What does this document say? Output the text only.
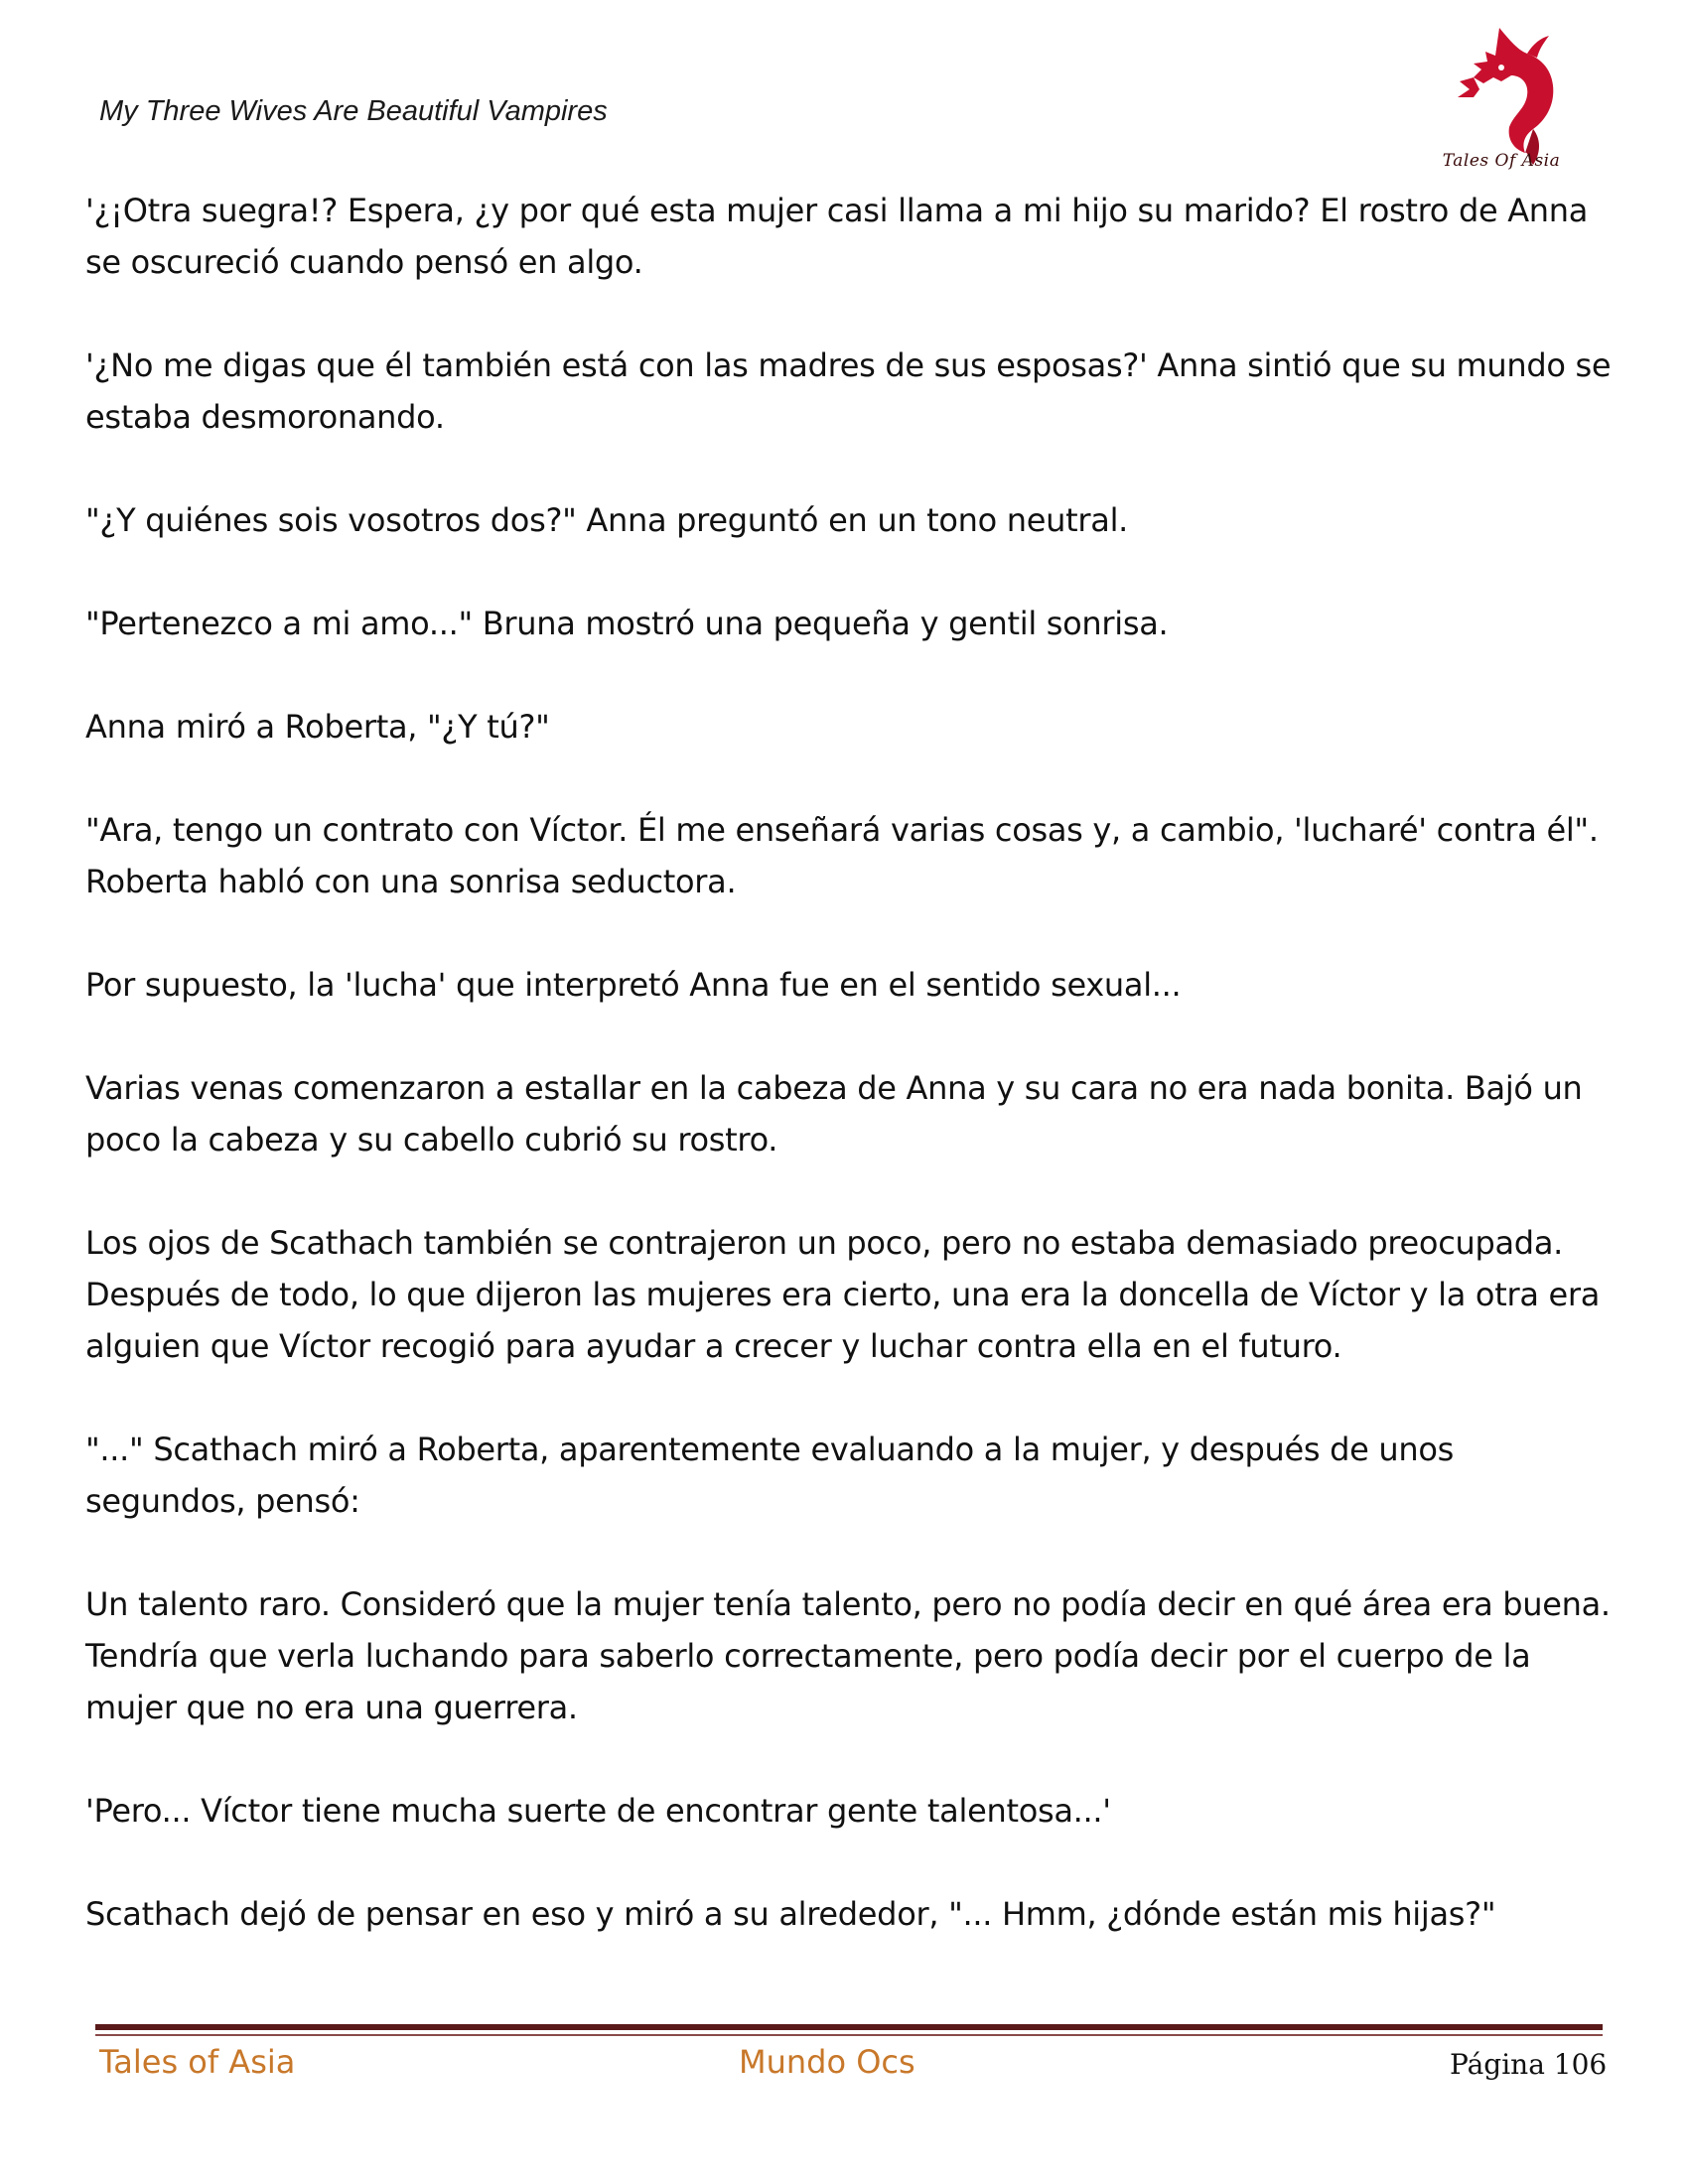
My Three Wives Are Beautiful Vampires
Tales Of Asia

'¿¡Otra suegra!? Espera, ¿y por qué esta mujer casi llama a mi hijo su marido? El rostro de Anna se oscureció cuando pensó en algo.

'¿No me digas que él también está con las madres de sus esposas?' Anna sintió que su mundo se estaba desmoronando.

"¿Y quiénes sois vosotros dos?" Anna preguntó en un tono neutral.

"Pertenezco a mi amo..." Bruna mostró una pequeña y gentil sonrisa.

Anna miró a Roberta, "¿Y tú?"

"Ara, tengo un contrato con Víctor. Él me enseñará varias cosas y, a cambio, 'lucharé' contra él". Roberta habló con una sonrisa seductora.

Por supuesto, la 'lucha' que interpretó Anna fue en el sentido sexual...

Varias venas comenzaron a estallar en la cabeza de Anna y su cara no era nada bonita. Bajó un poco la cabeza y su cabello cubrió su rostro.

Los ojos de Scathach también se contrajeron un poco, pero no estaba demasiado preocupada. Después de todo, lo que dijeron las mujeres era cierto, una era la doncella de Víctor y la otra era alguien que Víctor recogió para ayudar a crecer y luchar contra ella en el futuro.

"..." Scathach miró a Roberta, aparentemente evaluando a la mujer, y después de unos segundos, pensó:

Un talento raro. Consideró que la mujer tenía talento, pero no podía decir en qué área era buena. Tendría que verla luchando para saberlo correctamente, pero podía decir por el cuerpo de la mujer que no era una guerrera.

'Pero... Víctor tiene mucha suerte de encontrar gente talentosa...'

Scathach dejó de pensar en eso y miró a su alrededor, "... Hmm, ¿dónde están mis hijas?"

Tales of Asia	Mundo Ocs	Página 106
